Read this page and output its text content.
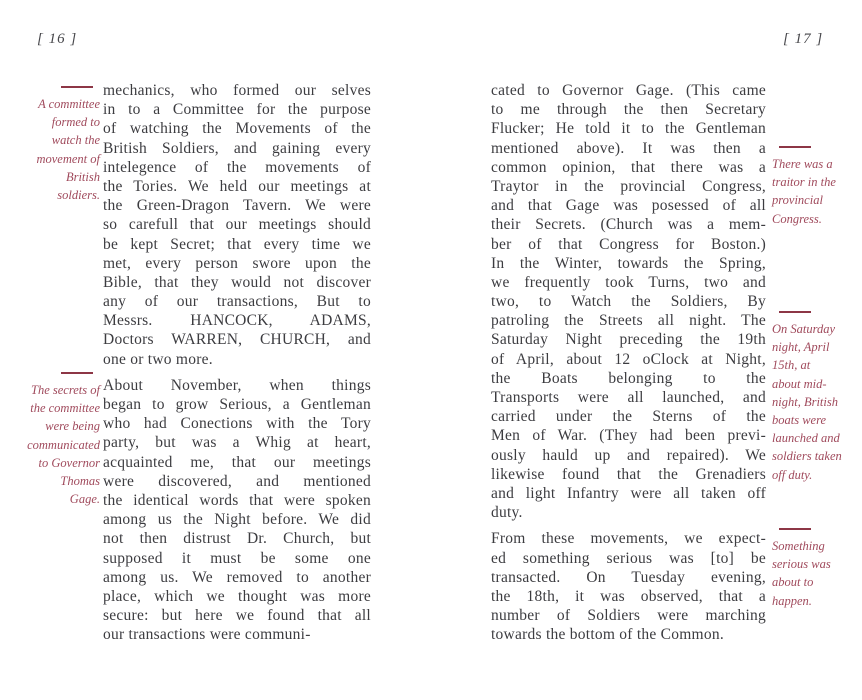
[ 16 ]	[ 17 ]
A committee
formed to
watch the
movement of
British
soldiers.
The secrets of
the committee
were being
communicated
to Governor
Thomas
Gage.
mechanics, who formed our selves
in to a Committee for the purpose
of watching the Movements of the
British Soldiers, and gaining every
intelegence of the movements of
the Tories. We held our meetings at
the Green-Dragon Tavern. We were
so carefull that our meetings should
be kept Secret; that every time we
met, every person swore upon the
Bible, that they would not discover
any of our transactions, But to
Messrs. HANCOCK, ADAMS,
Doctors WARREN, CHURCH, and
one or two more.
About November, when things
began to grow Serious, a Gentleman
who had Conections with the Tory
party, but was a Whig at heart,
acquainted me, that our meetings
were discovered, and mentioned
the identical words that were spoken
among us the Night before. We did
not then distrust Dr. Church, but
supposed it must be some one
among us. We removed to another
place, which we thought was more
secure: but here we found that all
our transactions were communi-
cated to Governor Gage. (This came
to me through the then Secretary
Flucker; He told it to the Gentleman
mentioned above). It was then a
common opinion, that there was a
Traytor in the provincial Congress,
and that Gage was posessed of all
their Secrets. (Church was a mem-
ber of that Congress for Boston.)
In the Winter, towards the Spring,
we frequently took Turns, two and
two, to Watch the Soldiers, By
patroling the Streets all night. The
Saturday Night preceding the 19th
of April, about 12 oClock at Night,
the Boats belonging to the
Transports were all launched, and
carried under the Sterns of the
Men of War. (They had been previ-
ously hauld up and repaired). We
likewise found that the Grenadiers
and light Infantry were all taken off
duty.
From these movements, we expect-
ed something serious was [to] be
transacted. On Tuesday evening,
the 18th, it was observed, that a
number of Soldiers were marching
towards the bottom of the Common.
There was a
traitor in the
provincial
Congress.
On Saturday
night, April
15th, at
about mid-
night, British
boats were
launched and
soldiers taken
off duty.
Something
serious was
about to
happen.
